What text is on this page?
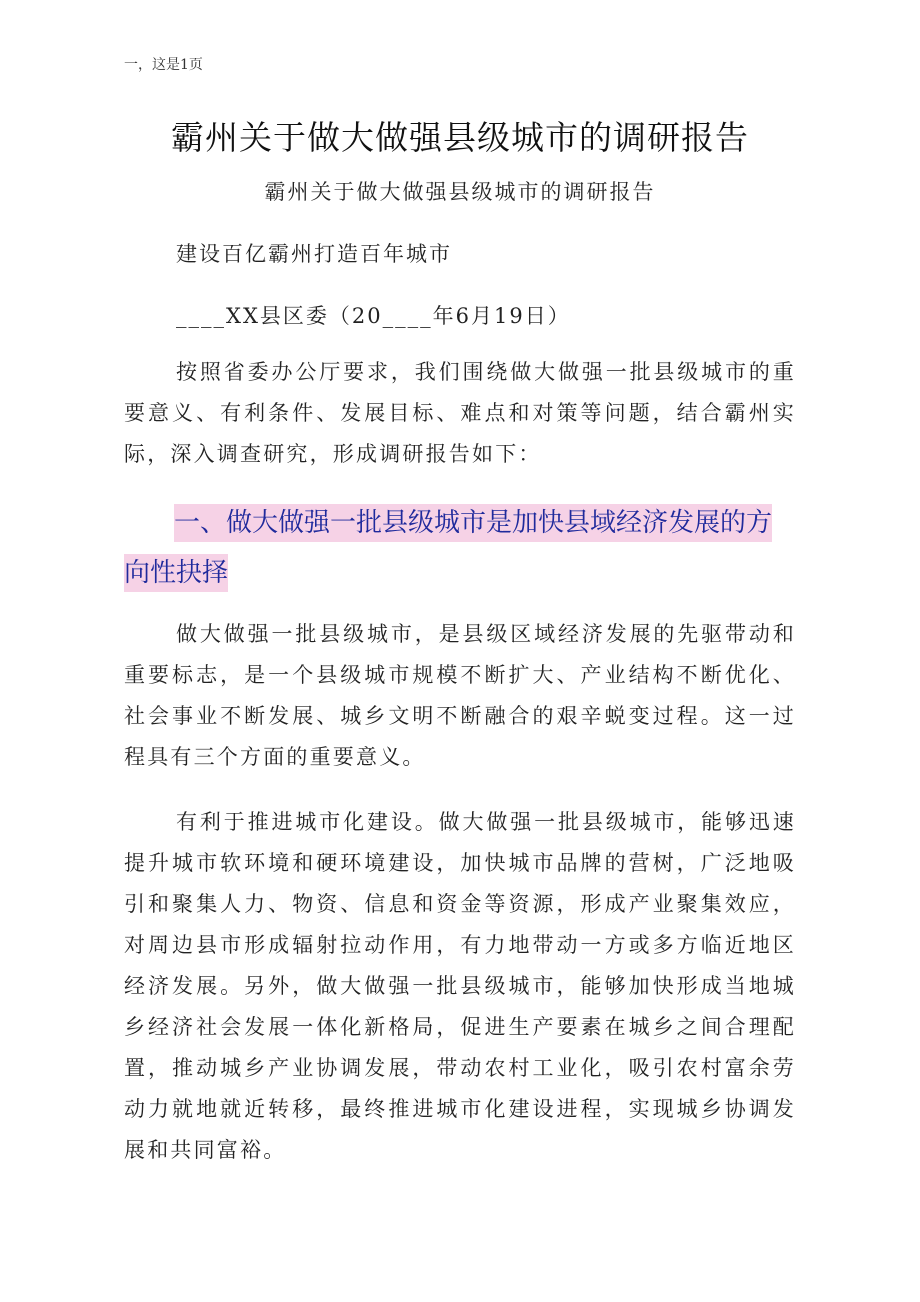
一，这是1页
霸州关于做大做强县级城市的调研报告
霸州关于做大做强县级城市的调研报告
建设百亿霸州打造百年城市
____XX县区委（20____年6月19日）

按照省委办公厅要求，我们围绕做大做强一批县级城市的重要意义、有利条件、发展目标、难点和对策等问题，结合霸州实际，深入调查研究，形成调研报告如下：

一、做大做强一批县级城市是加快县域经济发展的方向性抉择

做大做强一批县级城市，是县级区域经济发展的先驱带动和重要标志，是一个县级城市规模不断扩大、产业结构不断优化、社会事业不断发展、城乡文明不断融合的艰辛蜕变过程。这一过程具有三个方面的重要意义。

有利于推进城市化建设。做大做强一批县级城市，能够迅速提升城市软环境和硬环境建设，加快城市品牌的营树，广泛地吸引和聚集人力、物资、信息和资金等资源，形成产业聚集效应，对周边县市形成辐射拉动作用，有力地带动一方或多方临近地区经济发展。另外，做大做强一批县级城市，能够加快形成当地城乡经济社会发展一体化新格局，促进生产要素在城乡之间合理配置，推动城乡产业协调发展，带动农村工业化，吸引农村富余劳动力就地就近转移，最终推进城市化建设进程，实现城乡协调发展和共同富裕。
